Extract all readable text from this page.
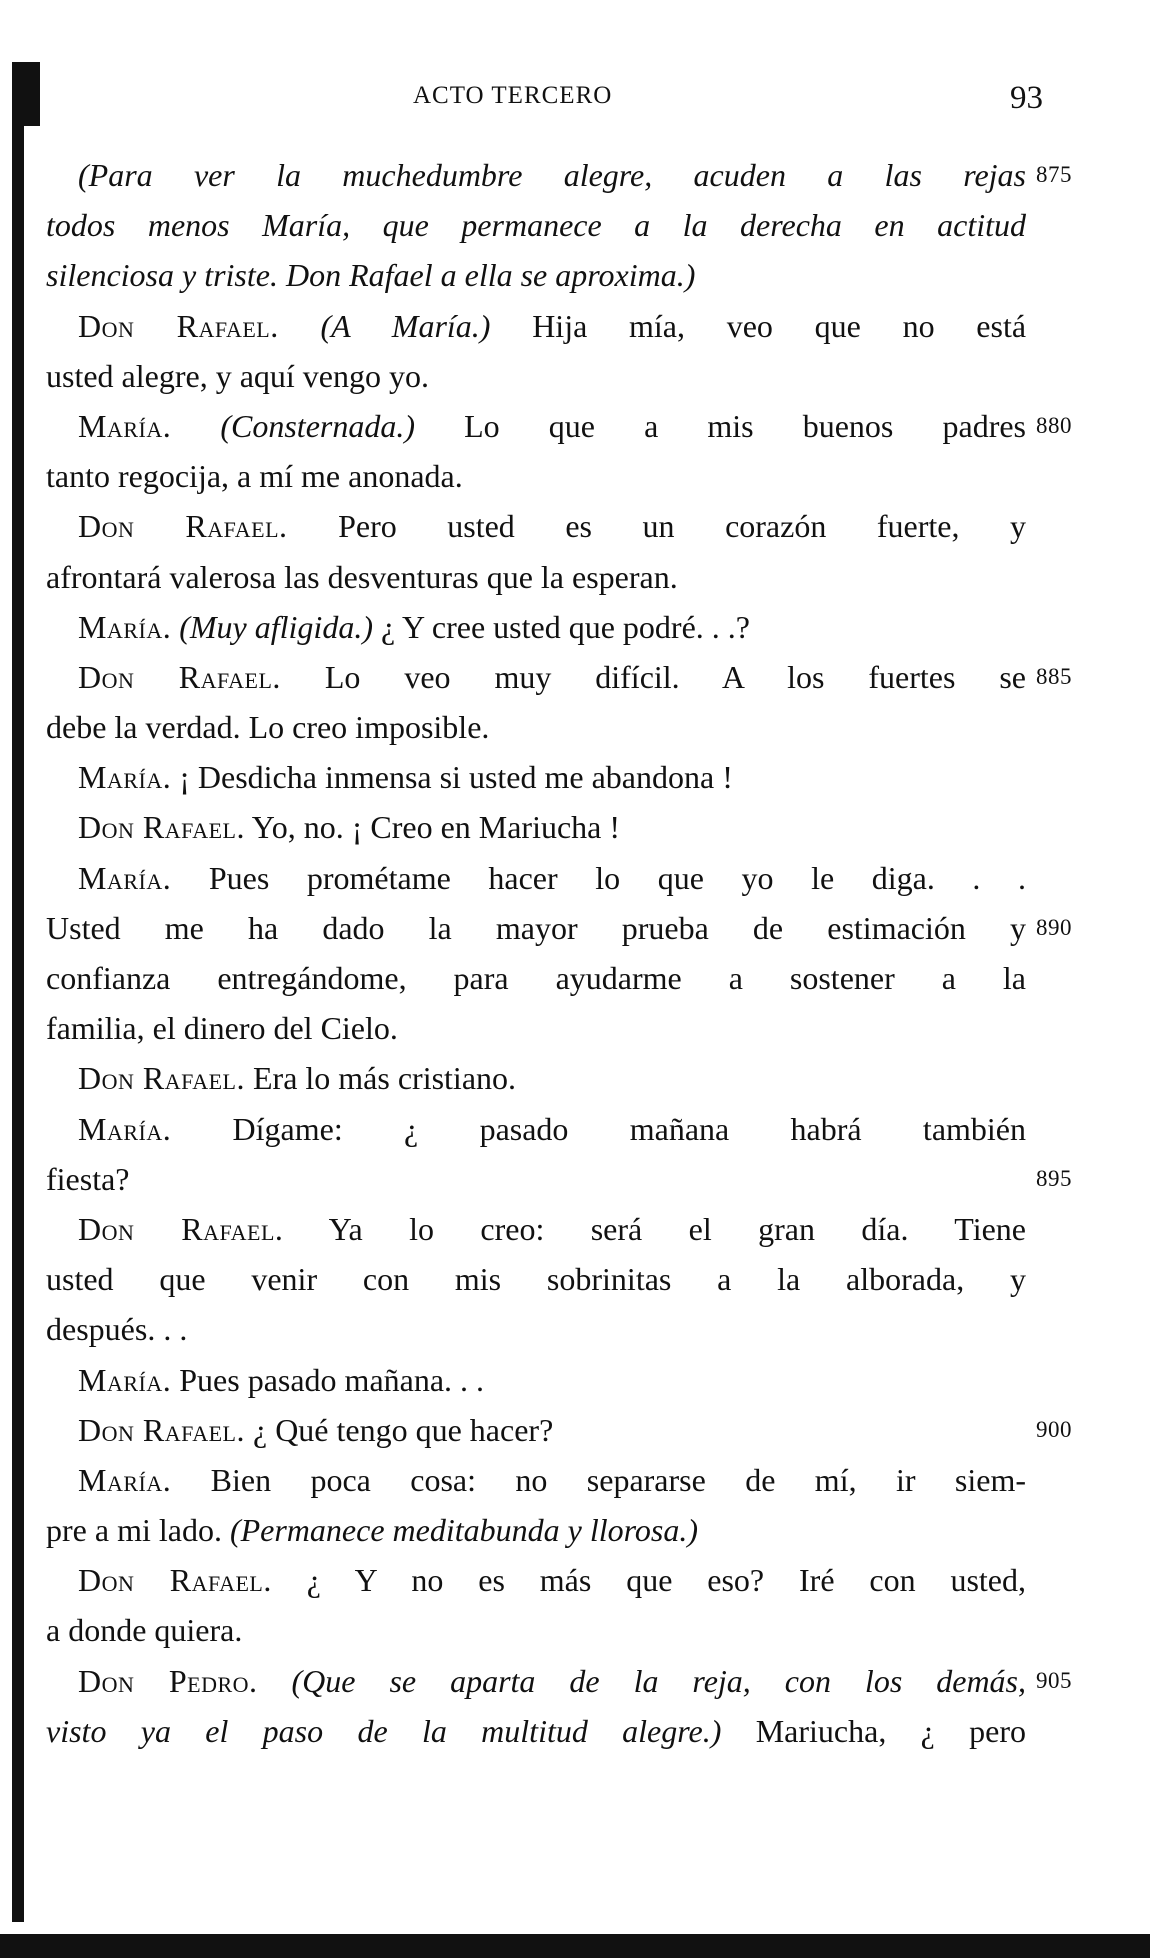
ACTO TERCERO	93
(Para ver la muchedumbre alegre, acuden a las rejas 875
todos menos María, que permanece a la derecha en actitud
silenciosa y triste. Don Rafael a ella se aproxima.)
Don Rafael. (A María.) Hija mía, veo que no está
usted alegre, y aquí vengo yo.
María. (Consternada.) Lo que a mis buenos padres 880
tanto regocija, a mí me anonada.
Don Rafael. Pero usted es un corazón fuerte, y
afrontará valerosa las desventuras que la esperan.
María. (Muy afligida.) ¿ Y cree usted que podré. . .?
Don Rafael. Lo veo muy difícil. A los fuertes se 885
debe la verdad. Lo creo imposible.
María. ¡ Desdicha inmensa si usted me abandona !
Don Rafael. Yo, no. ¡ Creo en Mariucha !
María. Pues prométame hacer lo que yo le diga. . .
Usted me ha dado la mayor prueba de estimación y 890
confianza entregándome, para ayudarme a sostener a la
familia, el dinero del Cielo.
Don Rafael. Era lo más cristiano.
María. Dígame: ¿ pasado mañana habrá también
fiesta?	895
Don Rafael. Ya lo creo: será el gran día. Tiene
usted que venir con mis sobrinitas a la alborada, y
después. . .
María. Pues pasado mañana. . .
Don Rafael. ¿ Qué tengo que hacer?	900
María. Bien poca cosa: no separarse de mí, ir siem-
pre a mi lado. (Permanece meditabunda y llorosa.)
Don Rafael. ¿ Y no es más que eso? Iré con usted,
a donde quiera.
Don Pedro. (Que se aparta de la reja, con los demás, 905
visto ya el paso de la multitud alegre.) Mariucha, ¿ pero
